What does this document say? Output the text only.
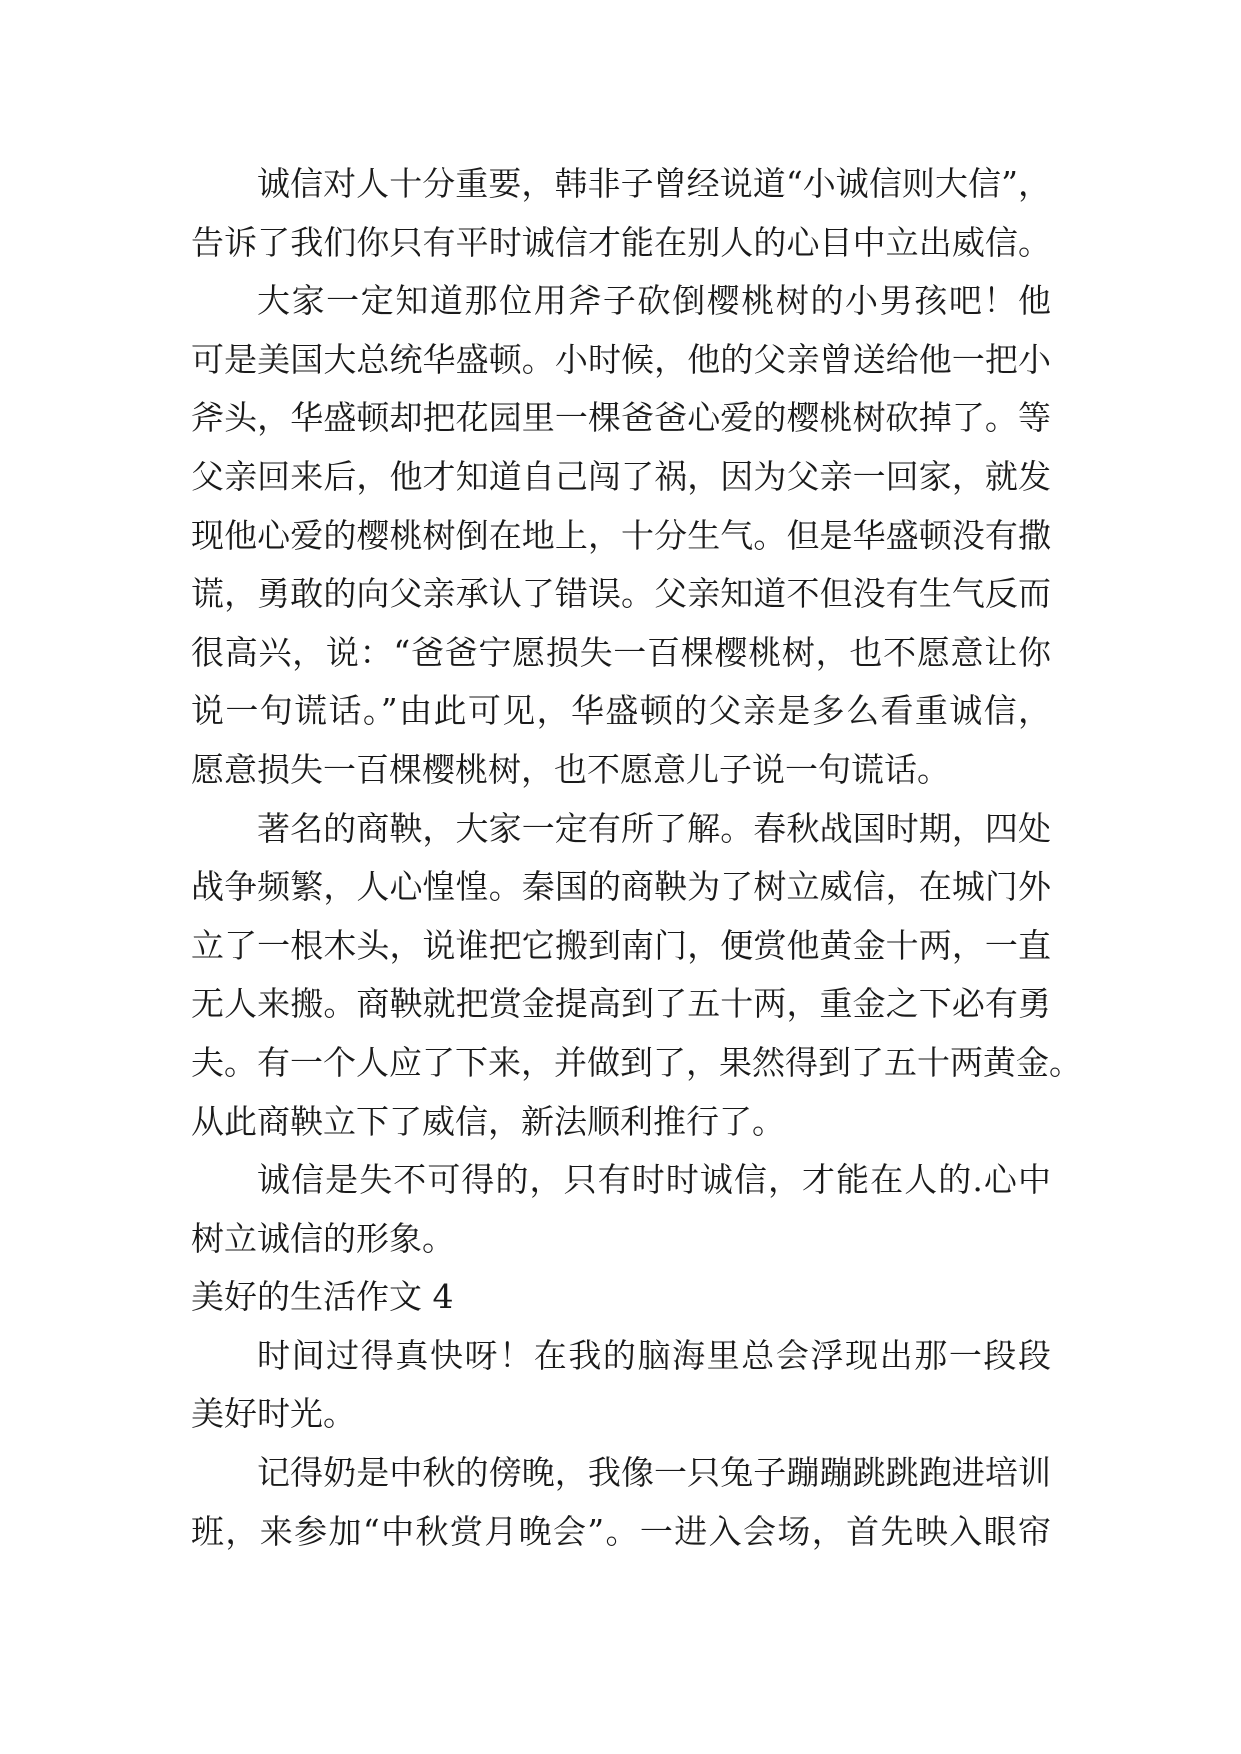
诚信对人十分重要，韩非子曾经说道“小诚信则大信”，
告诉了我们你只有平时诚信才能在别人的心目中立出威信。
大家一定知道那位用斧子砍倒樱桃树的小男孩吧！他
可是美国大总统华盛顿。小时候，他的父亲曾送给他一把小
斧头，华盛顿却把花园里一棵爸爸心爱的樱桃树砍掉了。等
父亲回来后，他才知道自己闯了祸，因为父亲一回家，就发
现他心爱的樱桃树倒在地上，十分生气。但是华盛顿没有撒
谎，勇敢的向父亲承认了错误。父亲知道不但没有生气反而
很高兴，说：“爸爸宁愿损失一百棵樱桃树，也不愿意让你
说一句谎话。”由此可见，华盛顿的父亲是多么看重诚信，
愿意损失一百棵樱桃树，也不愿意儿子说一句谎话。
著名的商鞅，大家一定有所了解。春秋战国时期，四处
战争频繁，人心惶惶。秦国的商鞅为了树立威信，在城门外
立了一根木头，说谁把它搬到南门，便赏他黄金十两，一直
无人来搬。商鞅就把赏金提高到了五十两，重金之下必有勇
夫。有一个人应了下来，并做到了，果然得到了五十两黄金。
从此商鞅立下了威信，新法顺利推行了。
诚信是失不可得的，只有时时诚信，才能在人的.心中
树立诚信的形象。
美好的生活作文 4
时间过得真快呀！在我的脑海里总会浮现出那一段段
美好时光。
记得奶是中秋的傍晚，我像一只兔子蹦蹦跳跳跑进培训
班，来参加“中秋赏月晚会”。一进入会场，首先映入眼帘
